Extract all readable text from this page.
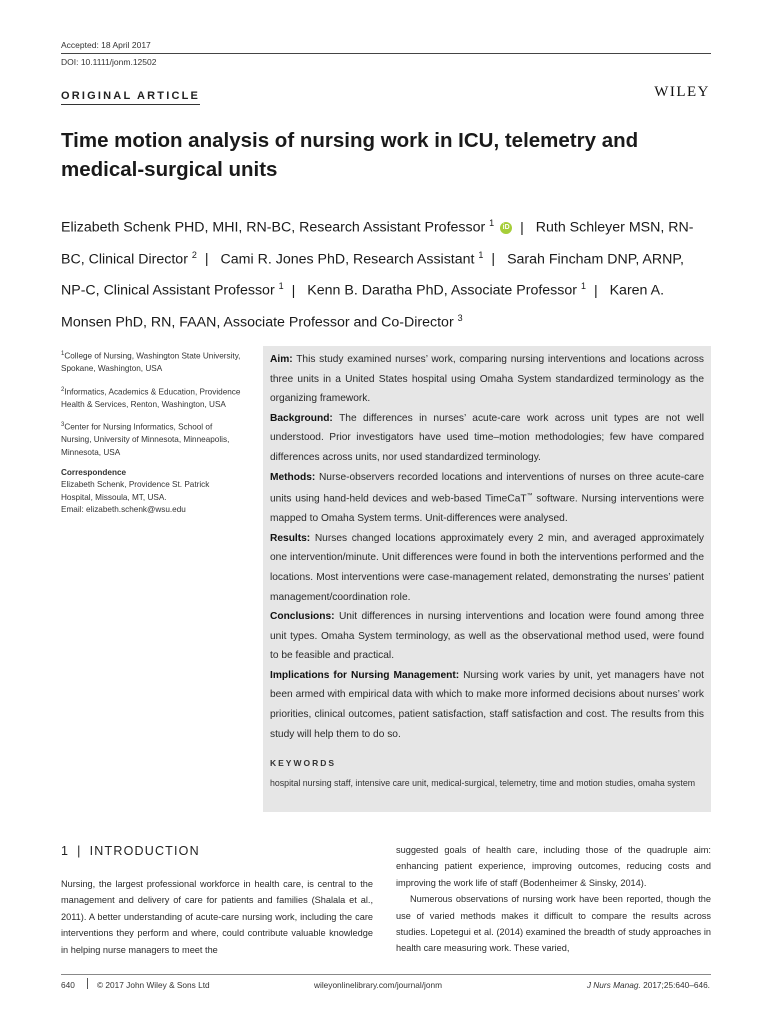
Accepted: 18 April 2017
DOI: 10.1111/jonm.12502
ORIGINAL ARTICLE	WILEY
Time motion analysis of nursing work in ICU, telemetry and medical-surgical units
Elizabeth Schenk PHD, MHI, RN-BC, Research Assistant Professor $^1$ iD | Ruth Schleyer MSN, RN-BC, Clinical Director $^2$ | Cami R. Jones PhD, Research Assistant $^1$ | Sarah Fincham DNP, ARNP, NP-C, Clinical Assistant Professor $^1$ | Kenn B. Daratha PhD, Associate Professor $^1$ | Karen A. Monsen PhD, RN, FAAN, Associate Professor and Co-Director $^3$

$^1$College of Nursing, Washington State University, Spokane, Washington, USA

$^2$Informatics, Academics & Education, Providence Health & Services, Renton, Washington, USA

$^3$Center for Nursing Informatics, School of Nursing, University of Minnesota, Minneapolis, Minnesota, USA

Correspondence
Elizabeth Schenk, Providence St. Patrick Hospital, Missoula, MT, USA.
Email: elizabeth.schenk@wsu.edu

Aim: This study examined nurses’ work, comparing nursing interventions and locations across three units in a United States hospital using Omaha System standardized terminology as the organizing framework.

Background: The differences in nurses’ acute-care work across unit types are not well understood. Prior investigators have used time–motion methodologies; few have compared differences across units, nor used standardized terminology.

Methods: Nurse-observers recorded locations and interventions of nurses on three acute-care units using hand-held devices and web-based TimeCaT™ software. Nursing interventions were mapped to Omaha System terms. Unit-differences were analysed.

Results: Nurses changed locations approximately every 2 min, and averaged approximately one intervention/minute. Unit differences were found in both the interventions performed and the locations. Most interventions were case-management related, demonstrating the nurses’ patient management/coordination role.

Conclusions: Unit differences in nursing interventions and location were found among three unit types. Omaha System terminology, as well as the observational method used, were found to be feasible and practical.

Implications for Nursing Management: Nursing work varies by unit, yet managers have not been armed with empirical data with which to make more informed decisions about nurses’ work priorities, clinical outcomes, patient satisfaction, staff satisfaction and cost. The results from this study will help them to do so.

KEYWORDS
hospital nursing staff, intensive care unit, medical-surgical, telemetry, time and motion studies, omaha system
1 | INTRODUCTION
Nursing, the largest professional workforce in health care, is central to the management and delivery of care for patients and families (Shalala et al., 2011). A better understanding of acute-care nursing work, including the care interventions they perform and where, could contribute valuable knowledge in helping nurse managers to meet the

suggested goals of health care, including those of the quadruple aim: enhancing patient experience, improving outcomes, reducing costs and improving the work life of staff (Bodenheimer & Sinsky, 2014).

Numerous observations of nursing work have been reported, though the use of varied methods makes it difficult to compare the results across studies. Lopetegui et al. (2014) examined the breadth of study approaches in health care measuring work. These varied,

640	© 2017 John Wiley & Sons Ltd	wileyonlinelibrary.com/journal/jonm	J Nurs Manag. 2017;25:640–646.
